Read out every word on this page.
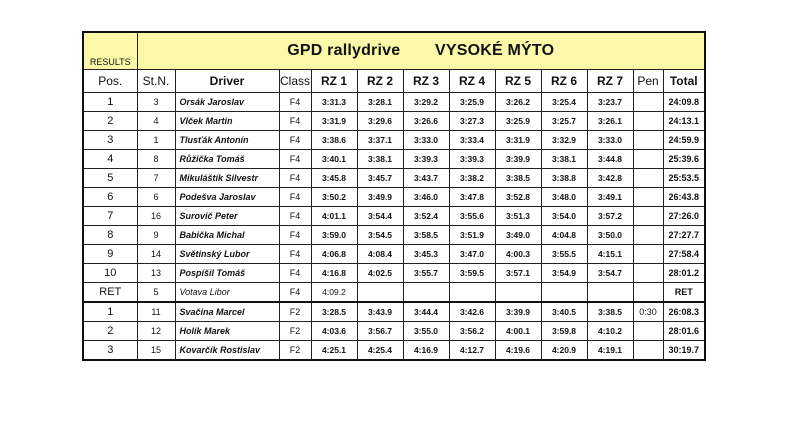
RESULTS	GPD rallydrive VYSOKÉ MÝTO											
Pos.	St.N.	Driver	Class	RZ 1	RZ 2	RZ 3	RZ 4	RZ 5	RZ 6	RZ 7	Pen	Total
1	3	Orsák Jaroslav	F4	3:31.3	3:28.1	3:29.2	3:25.9	3:26.2	3:25.4	3:23.7		24:09.8
2	4	Vlček Martin	F4	3:31.9	3:29.6	3:26.6	3:27.3	3:25.9	3:25.7	3:26.1		24:13.1
3	1	Tlusťák Antonín	F4	3:38.6	3:37.1	3:33.0	3:33.4	3:31.9	3:32.9	3:33.0		24:59.9
4	8	Růžička Tomáš	F4	3:40.1	3:38.1	3:39.3	3:39.3	3:39.9	3:38.1	3:44.8		25:39.6
5	7	Mikuláštík Silvestr	F4	3:45.8	3:45.7	3:43.7	3:38.2	3:38.5	3:38.8	3:42.8		25:53.5
6	6	Podešva Jaroslav	F4	3:50.2	3:49.9	3:46.0	3:47.8	3:52.8	3:48.0	3:49.1		26:43.8
7	16	Surovič Peter	F4	4:01.1	3:54.4	3:52.4	3:55.6	3:51.3	3:54.0	3:57.2		27:26.0
8	9	Babička Michal	F4	3:59.0	3:54.5	3:58.5	3:51.9	3:49.0	4:04.8	3:50.0		27:27.7
9	14	Světinský Lubor	F4	4:06.8	4:08.4	3:45.3	3:47.0	4:00.3	3:55.5	4:15.1		27:58.4
10	13	Pospíšil Tomáš	F4	4:16.8	4:02.5	3:55.7	3:59.5	3:57.1	3:54.9	3:54.7		28:01.2
RET	5	Votava Libor	F4	4:09.2								RET
1	11	Svačina Marcel	F2	3:28.5	3:43.9	3:44.4	3:42.6	3:39.9	3:40.5	3:38.5	0:30	26:08.3
2	12	Holík Marek	F2	4:03.6	3:56.7	3:55.0	3:56.2	4:00.1	3:59.8	4:10.2		28:01.6
3	15	Kovarčík Rostislav	F2	4:25.1	4:25.4	4:16.9	4:12.7	4:19.6	4:20.9	4:19.1		30:19.7
